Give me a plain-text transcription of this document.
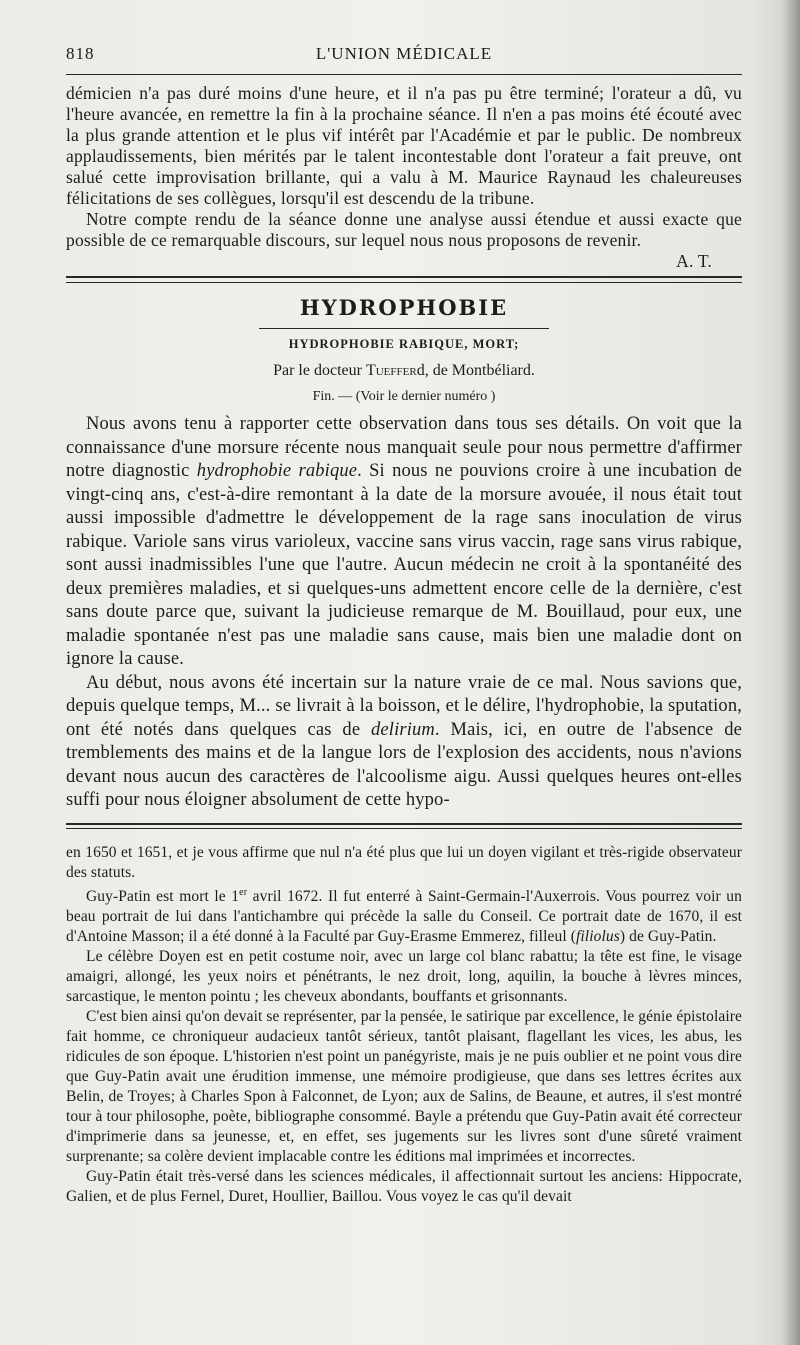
818	L'UNION MÉDICALE

démicien n'a pas duré moins d'une heure, et il n'a pas pu être terminé; l'orateur a dû, vu l'heure avancée, en remettre la fin à la prochaine séance. Il n'en a pas moins été écouté avec la plus grande attention et le plus vif intérêt par l'Académie et par le public. De nombreux applaudissements, bien mérités par le talent incontestable dont l'orateur a fait preuve, ont salué cette improvisation brillante, qui a valu à M. Maurice Raynaud les chaleureuses félicitations de ses collègues, lorsqu'il est descendu de la tribune.

Notre compte rendu de la séance donne une analyse aussi étendue et aussi exacte que possible de ce remarquable discours, sur lequel nous nous proposons de revenir.

A. T.
HYDROPHOBIE
HYDROPHOBIE RABIQUE, MORT;
Par le docteur Tuefferd, de Montbéliard.
Fin. — (Voir le dernier numéro )

Nous avons tenu à rapporter cette observation dans tous ses détails. On voit que la connaissance d'une morsure récente nous manquait seule pour nous permettre d'affirmer notre diagnostic hydrophobie rabique. Si nous ne pouvions croire à une incubation de vingt-cinq ans, c'est-à-dire remontant à la date de la morsure avouée, il nous était tout aussi impossible d'admettre le développement de la rage sans inoculation de virus rabique. Variole sans virus varioleux, vaccine sans virus vaccin, rage sans virus rabique, sont aussi inadmissibles l'une que l'autre. Aucun médecin ne croit à la spontanéité des deux premières maladies, et si quelques-uns admettent encore celle de la dernière, c'est sans doute parce que, suivant la judicieuse remarque de M. Bouillaud, pour eux, une maladie spontanée n'est pas une maladie sans cause, mais bien une maladie dont on ignore la cause.

Au début, nous avons été incertain sur la nature vraie de ce mal. Nous savions que, depuis quelque temps, M... se livrait à la boisson, et le délire, l'hydrophobie, la sputation, ont été notés dans quelques cas de delirium. Mais, ici, en outre de l'absence de tremblements des mains et de la langue lors de l'explosion des accidents, nous n'avions devant nous aucun des caractères de l'alcoolisme aigu. Aussi quelques heures ont-elles suffi pour nous éloigner absolument de cette hypo-

en 1650 et 1651, et je vous affirme que nul n'a été plus que lui un doyen vigilant et très-rigide observateur des statuts.

Guy-Patin est mort le 1er avril 1672. Il fut enterré à Saint-Germain-l'Auxerrois. Vous pourrez voir un beau portrait de lui dans l'antichambre qui précède la salle du Conseil. Ce portrait date de 1670, il est d'Antoine Masson; il a été donné à la Faculté par Guy-Erasme Emmerez, filleul (filiolus) de Guy-Patin.

Le célèbre Doyen est en petit costume noir, avec un large col blanc rabattu; la tête est fine, le visage amaigri, allongé, les yeux noirs et pénétrants, le nez droit, long, aquilin, la bouche à lèvres minces, sarcastique, le menton pointu ; les cheveux abondants, bouffants et grisonnants.

C'est bien ainsi qu'on devait se représenter, par la pensée, le satirique par excellence, le génie épistolaire fait homme, ce chroniqueur audacieux tantôt sérieux, tantôt plaisant, flagellant les vices, les abus, les ridicules de son époque. L'historien n'est point un panégyriste, mais je ne puis oublier et ne point vous dire que Guy-Patin avait une érudition immense, une mémoire prodigieuse, que dans ses lettres écrites aux Belin, de Troyes; à Charles Spon à Falconnet, de Lyon; aux de Salins, de Beaune, et autres, il s'est montré tour à tour philosophe, poète, bibliographe consommé. Bayle a prétendu que Guy-Patin avait été correcteur d'imprimerie dans sa jeunesse, et, en effet, ses jugements sur les livres sont d'une sûreté vraiment surprenante; sa colère devient implacable contre les éditions mal imprimées et incorrectes.

Guy-Patin était très-versé dans les sciences médicales, il affectionnait surtout les anciens: Hippocrate, Galien, et de plus Fernel, Duret, Houllier, Baillou. Vous voyez le cas qu'il devait
